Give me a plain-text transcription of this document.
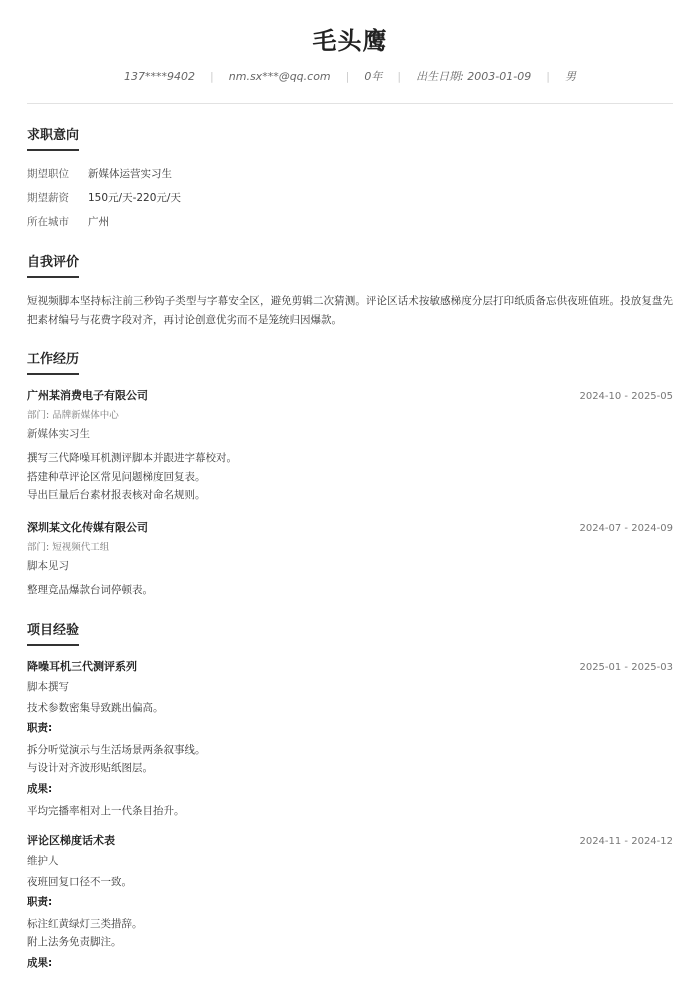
毛头鹰
137****9402	|	nm.sx***@qq.com	|	0年	|	出生日期: 2003-01-09	|	男
求职意向
期望职位	新媒体运营实习生
期望薪资	150元/天-220元/天
所在城市	广州
自我评价
短视频脚本坚持标注前三秒钩子类型与字幕安全区，避免剪辑二次猜测。评论区话术按敏感梯度分层打印纸质备忘供夜班值班。投放复盘先把素材编号与花费字段对齐，再讨论创意优劣而不是笼统归因爆款。
工作经历
广州某消费电子有限公司	2024-10 - 2025-05
部门: 品牌新媒体中心
新媒体实习生
撰写三代降噪耳机测评脚本并跟进字幕校对。
搭建种草评论区常见问题梯度回复表。
导出巨量后台素材报表核对命名规则。
深圳某文化传媒有限公司	2024-07 - 2024-09
部门: 短视频代工组
脚本见习
整理竞品爆款台词停顿表。
项目经验
降噪耳机三代测评系列	2025-01 - 2025-03
脚本撰写
技术参数密集导致跳出偏高。
职责:
拆分听觉演示与生活场景两条叙事线。
与设计对齐波形贴纸图层。
成果:
平均完播率相对上一代条目抬升。
评论区梯度话术表	2024-11 - 2024-12
维护人
夜班回复口径不一致。
职责:
标注红黄绿灯三类措辞。
附上法务免责脚注。
成果:
